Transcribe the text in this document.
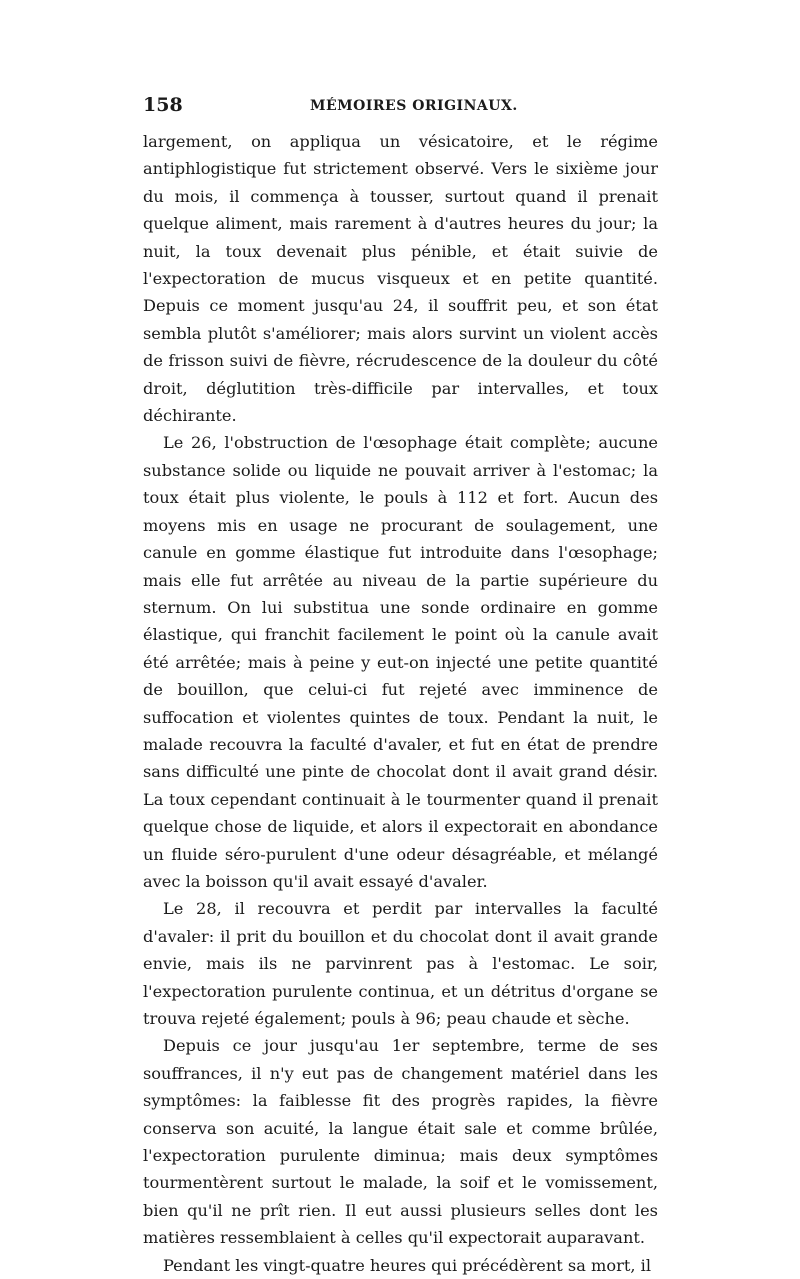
158	MÉMOIRES ORIGINAUX.

largement, on appliqua un vésicatoire, et le régime antiphlogistique fut strictement observé. Vers le sixième jour du mois, il commença à tousser, surtout quand il prenait quelque aliment, mais rarement à d'autres heures du jour; la nuit, la toux devenait plus pénible, et était suivie de l'expectoration de mucus visqueux et en petite quantité. Depuis ce moment jusqu'au 24, il souffrit peu, et son état sembla plutôt s'améliorer; mais alors survint un violent accès de frisson suivi de fièvre, récrudescence de la douleur du côté droit, déglutition très-difficile par intervalles, et toux déchirante.

Le 26, l'obstruction de l'œsophage était complète; aucune substance solide ou liquide ne pouvait arriver à l'estomac; la toux était plus violente, le pouls à 112 et fort. Aucun des moyens mis en usage ne procurant de soulagement, une canule en gomme élastique fut introduite dans l'œsophage; mais elle fut arrêtée au niveau de la partie supérieure du sternum. On lui substitua une sonde ordinaire en gomme élastique, qui franchit facilement le point où la canule avait été arrêtée; mais à peine y eut-on injecté une petite quantité de bouillon, que celui-ci fut rejeté avec imminence de suffocation et violentes quintes de toux. Pendant la nuit, le malade recouvra la faculté d'avaler, et fut en état de prendre sans difficulté une pinte de chocolat dont il avait grand désir. La toux cependant continuait à le tourmenter quand il prenait quelque chose de liquide, et alors il expectorait en abondance un fluide séro-purulent d'une odeur désagréable, et mélangé avec la boisson qu'il avait essayé d'avaler.

Le 28, il recouvra et perdit par intervalles la faculté d'avaler: il prit du bouillon et du chocolat dont il avait grande envie, mais ils ne parvinrent pas à l'estomac. Le soir, l'expectoration purulente continua, et un détritus d'organe se trouva rejeté également; pouls à 96; peau chaude et sèche.

Depuis ce jour jusqu'au 1er septembre, terme de ses souffrances, il n'y eut pas de changement matériel dans les symptômes: la faiblesse fit des progrès rapides, la fièvre conserva son acuité, la langue était sale et comme brûlée, l'expectoration purulente diminua; mais deux symptômes tourmentèrent surtout le malade, la soif et le vomissement, bien qu'il ne prît rien. Il eut aussi plusieurs selles dont les matières ressemblaient à celles qu'il expectorait auparavant.

Pendant les vingt-quatre heures qui précédèrent sa mort, il
